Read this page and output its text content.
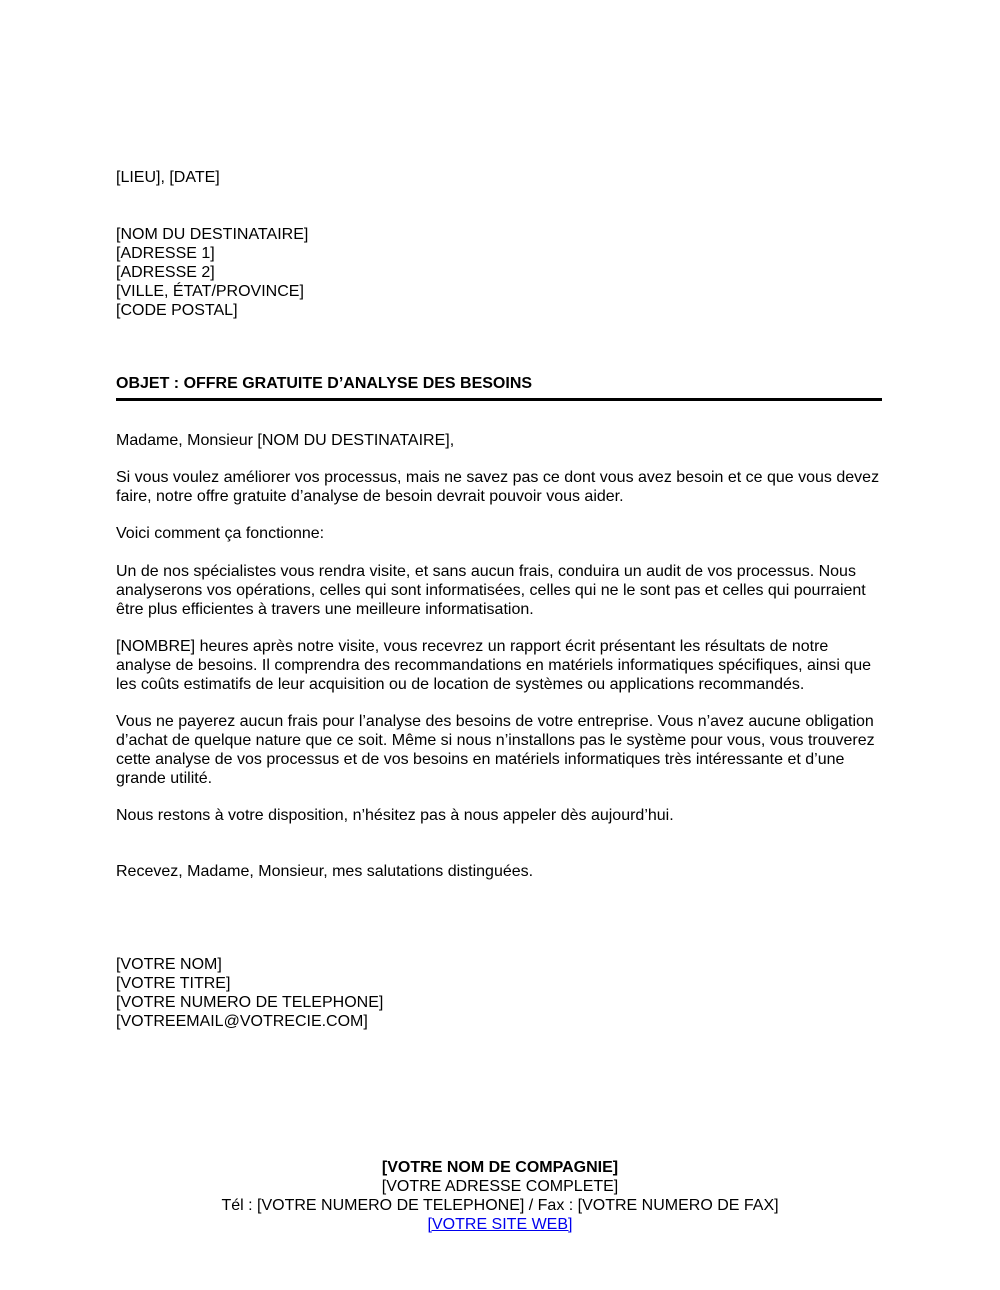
[LIEU], [DATE]
[NOM DU DESTINATAIRE]
[ADRESSE 1]
[ADRESSE 2]
[VILLE, ÉTAT/PROVINCE]
[CODE POSTAL]
OBJET : OFFRE GRATUITE D’ANALYSE DES BESOINS
Madame, Monsieur [NOM DU DESTINATAIRE],

Si vous voulez améliorer vos processus, mais ne savez pas ce dont vous avez besoin et ce que vous devez faire, notre offre gratuite d’analyse de besoin devrait pouvoir vous aider.

Voici comment ça fonctionne:

Un de nos spécialistes vous rendra visite, et sans aucun frais, conduira un audit de vos processus. Nous analyserons vos opérations, celles qui sont informatisées, celles qui ne le sont pas et celles qui pourraient être plus efficientes à travers une meilleure informatisation.

[NOMBRE] heures après notre visite, vous recevrez un rapport écrit présentant les résultats de notre analyse de besoins. Il comprendra des recommandations en matériels informatiques spécifiques, ainsi que les coûts estimatifs de leur acquisition ou de location de systèmes ou applications recommandés.

Vous ne payerez aucun frais pour l’analyse des besoins de votre entreprise. Vous n’avez aucune obligation d’achat de quelque nature que ce soit. Même si nous n’installons pas le système pour vous, vous trouverez cette analyse de vos processus et de vos besoins en matériels informatiques très intéressante et d’une grande utilité.

Nous restons à votre disposition, n’hésitez pas à nous appeler dès aujourd’hui.

Recevez, Madame, Monsieur, mes salutations distinguées.
[VOTRE NOM]
[VOTRE TITRE]
[VOTRE NUMERO DE TELEPHONE]
[VOTREEMAIL@VOTRECIE.COM]
[VOTRE NOM DE COMPAGNIE]
[VOTRE ADRESSE COMPLETE]
Tél : [VOTRE NUMERO DE TELEPHONE] / Fax : [VOTRE NUMERO DE FAX]
[VOTRE SITE WEB]
